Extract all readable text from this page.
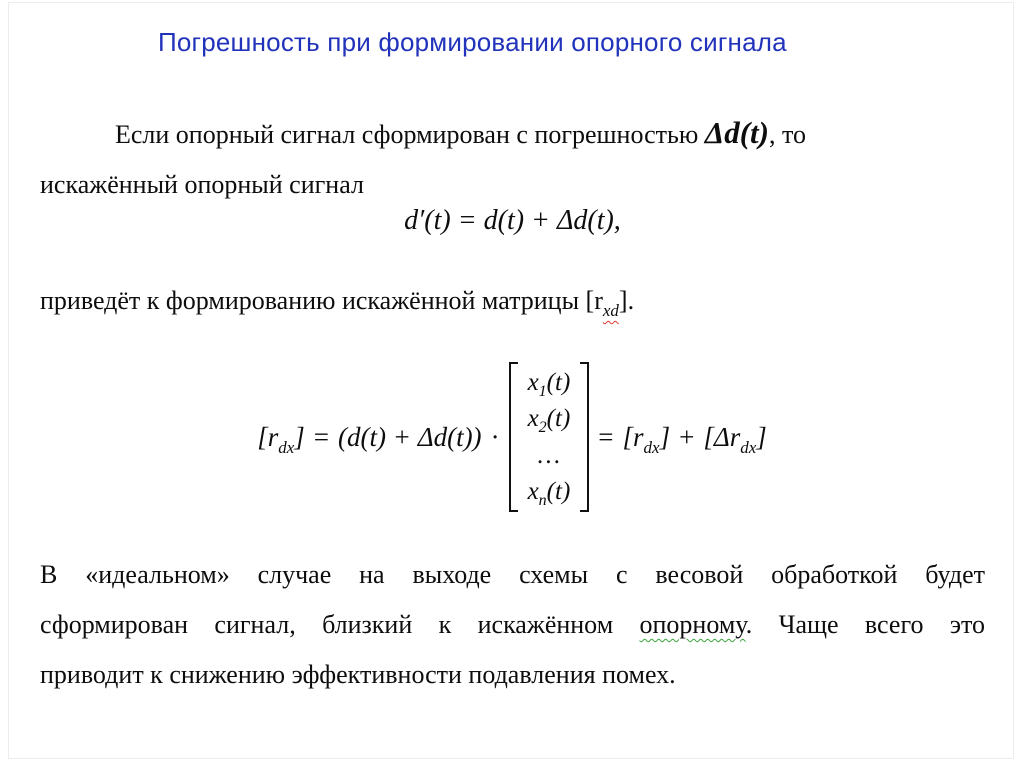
Погрешность при формировании опорного сигнала
Если опорный сигнал сформирован с погрешностью Δd(t), то
искажённый опорный сигнал
d′(t) = d(t) + Δd(t),
приведёт к формированию искажённой матрицы $[r_{xd}]$.
$[r_{dx}] = (d(t) + \Delta d(t))$ ·
$x_1(t)$
$x_2(t)$
…
$x_n(t)$
= $[r_{dx}] + [\Delta r_{dx}]$
В «идеальном» случае на выходе схемы с весовой обработкой будет
сформирован сигнал, близкий к искажённом опорному. Чаще всего это
приводит к снижению эффективности подавления помех.
